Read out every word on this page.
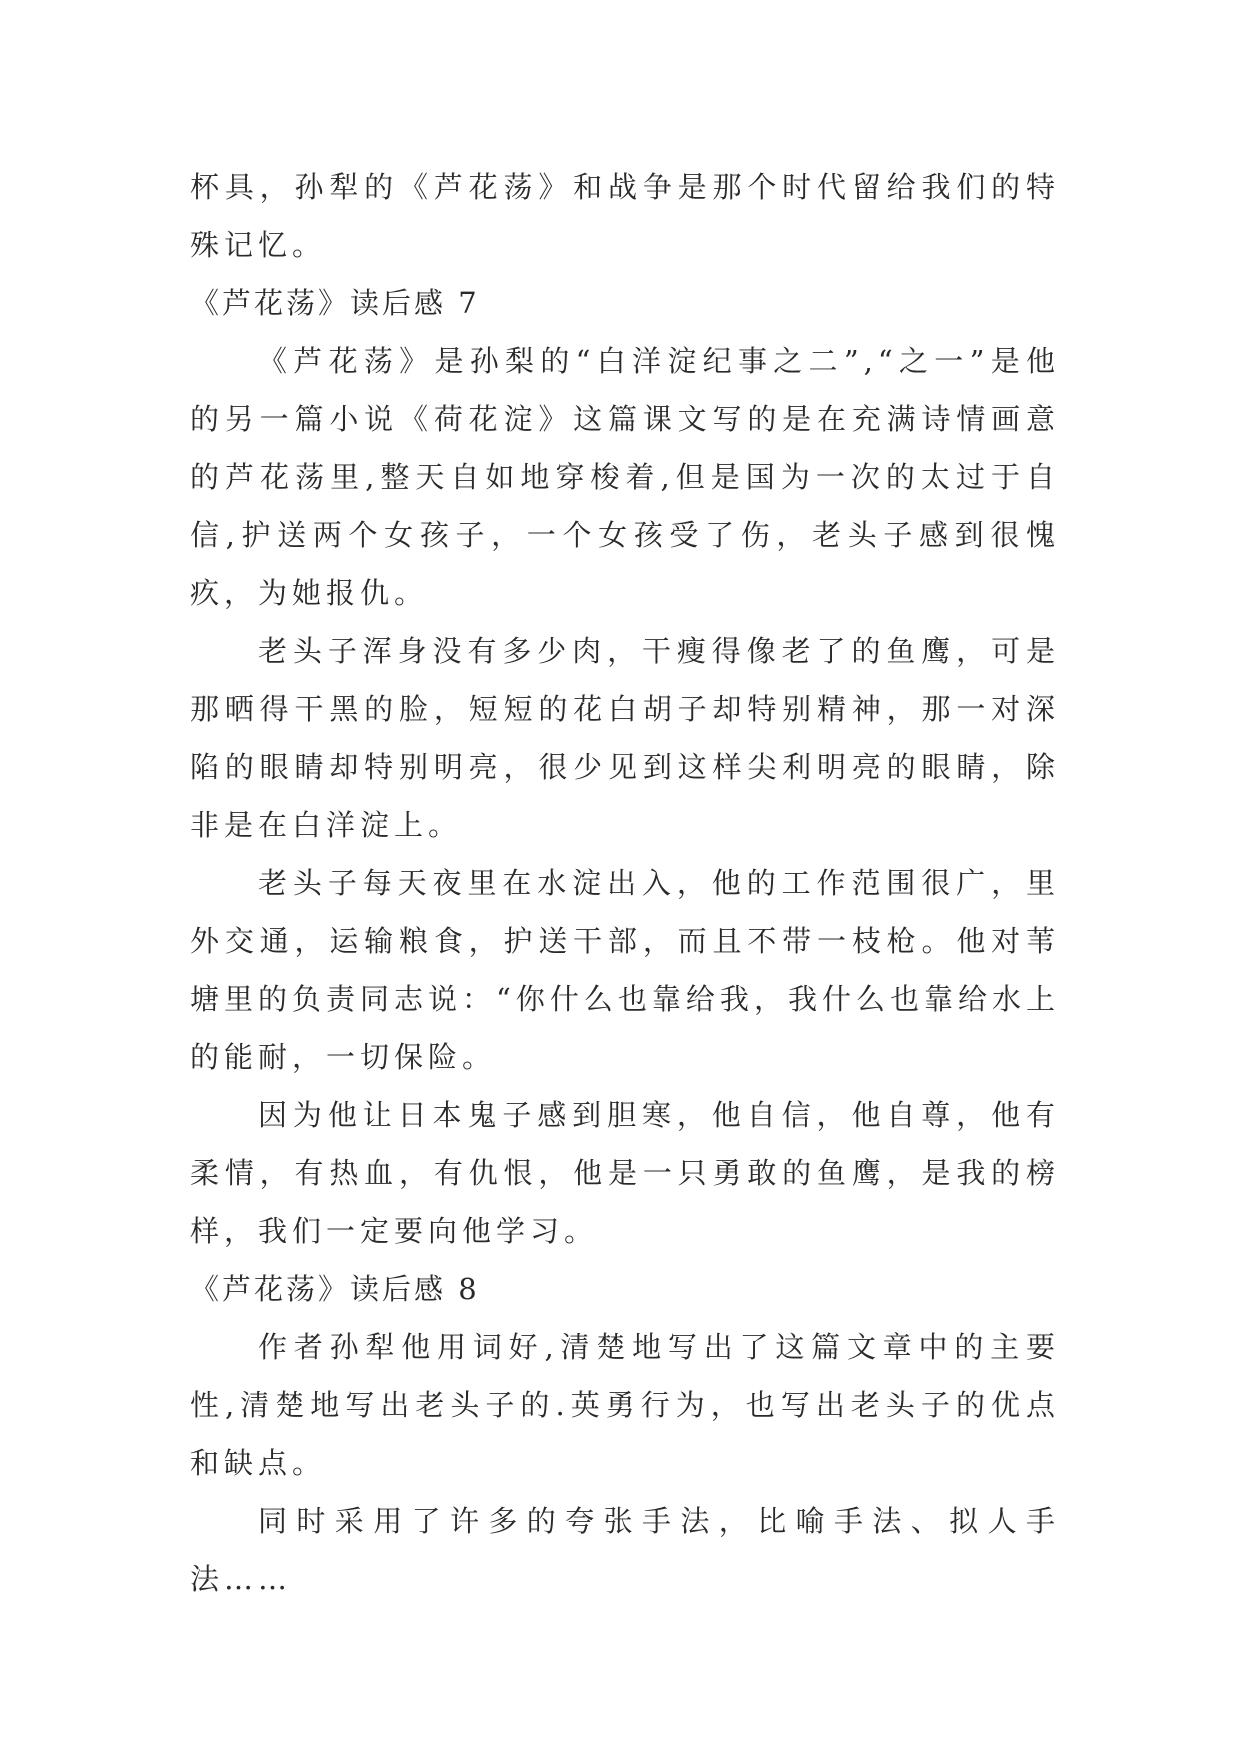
杯具，孙犁的《芦花荡》和战争是那个时代留给我们的特殊记忆。

《芦花荡》读后感 7

《芦花荡》是孙梨的“白洋淀纪事之二”,“之一”是他的另一篇小说《荷花淀》这篇课文写的是在充满诗情画意的芦花荡里,整天自如地穿梭着,但是国为一次的太过于自信,护送两个女孩子，一个女孩受了伤，老头子感到很愧疚，为她报仇。

老头子浑身没有多少肉，干瘦得像老了的鱼鹰，可是那晒得干黑的脸，短短的花白胡子却特别精神，那一对深陷的眼睛却特别明亮，很少见到这样尖利明亮的眼睛，除非是在白洋淀上。

老头子每天夜里在水淀出入，他的工作范围很广，里外交通，运输粮食，护送干部，而且不带一枝枪。他对苇塘里的负责同志说：“你什么也靠给我，我什么也靠给水上的能耐，一切保险。

因为他让日本鬼子感到胆寒，他自信，他自尊，他有柔情，有热血，有仇恨，他是一只勇敢的鱼鹰，是我的榜样，我们一定要向他学习。

《芦花荡》读后感 8

作者孙犁他用词好,清楚地写出了这篇文章中的主要性,清楚地写出老头子的.英勇行为，也写出老头子的优点和缺点。

同时采用了许多的夸张手法，比喻手法、拟人手法……
